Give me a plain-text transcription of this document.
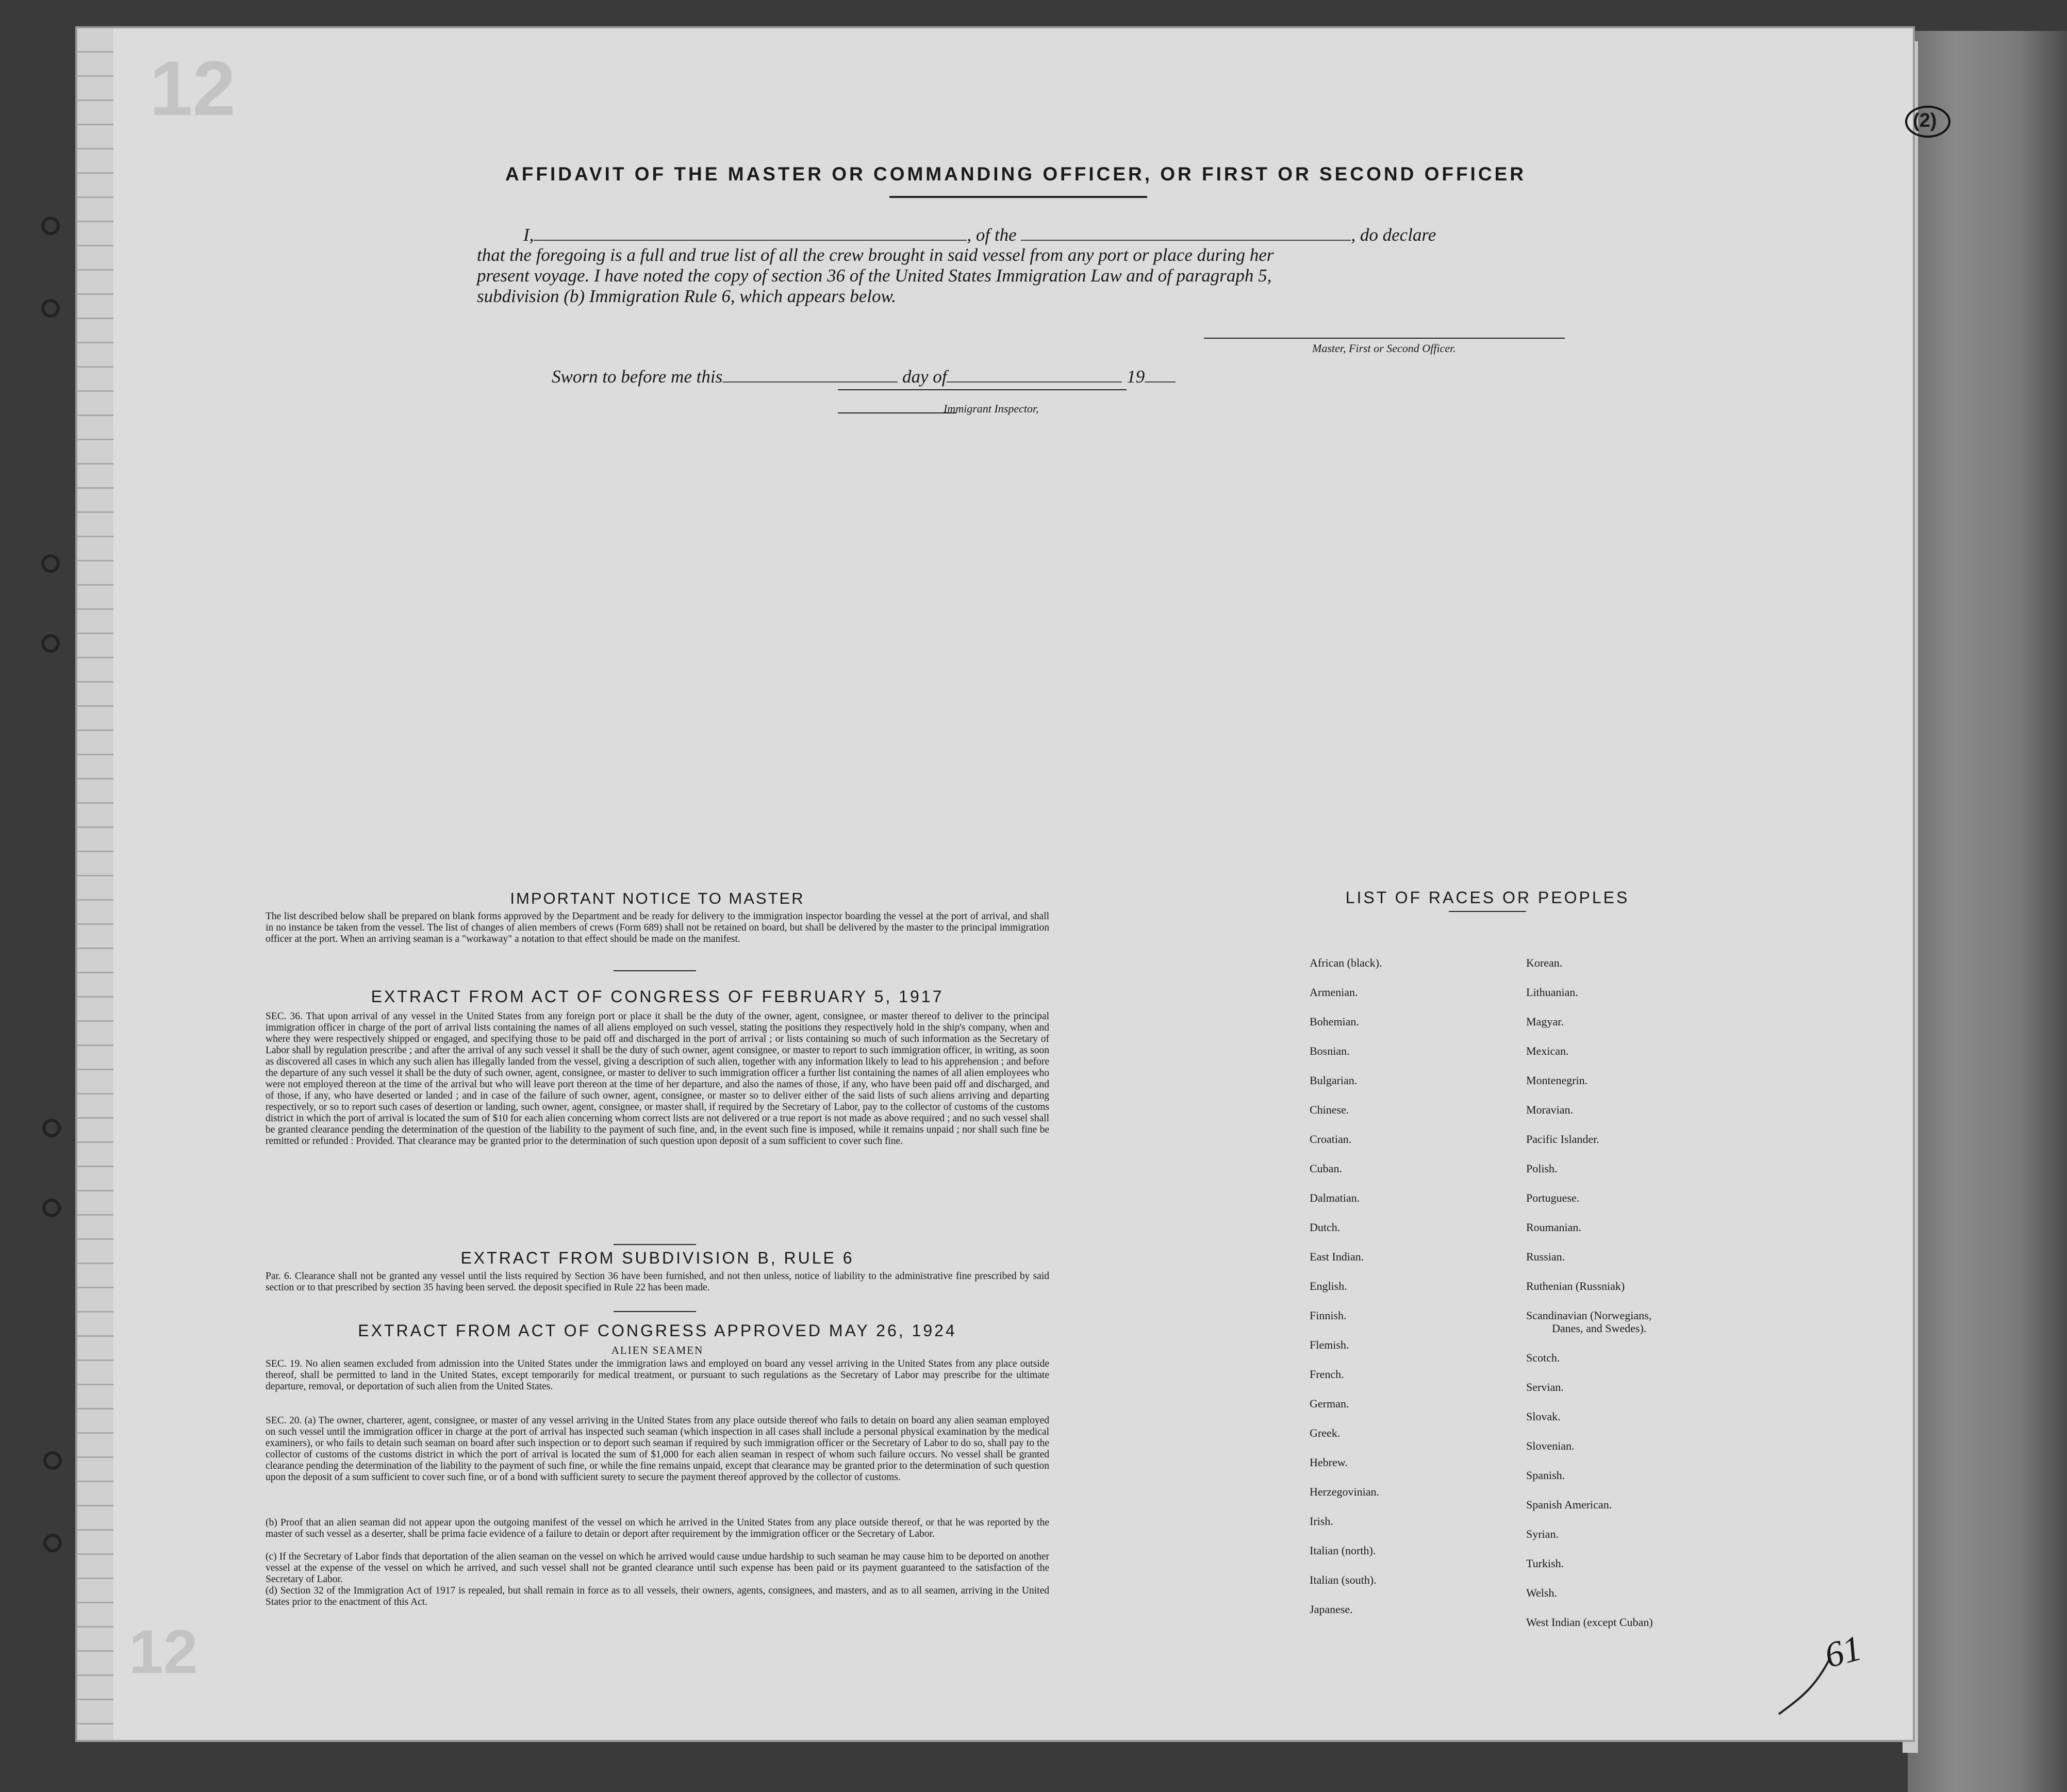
12
12
(2)
AFFIDAVIT OF THE MASTER OR COMMANDING OFFICER, OR FIRST OR SECOND OFFICER
I,	, of the	, do declare
that the foregoing is a full and true list of all the crew brought in said vessel from any port or place during her
present voyage. I have noted the copy of section 36 of the United States Immigration Law and of paragraph 5,
subdivision (b) Immigration Rule 6, which appears below.
Master, First or Second Officer.
Sworn to before me this	day of	19
Immigrant Inspector,
IMPORTANT NOTICE TO MASTER
The list described below shall be prepared on blank forms approved by the Department and be ready for delivery to the immigration inspector boarding the vessel at the port of arrival, and shall in no instance be taken from the vessel. The list of changes of alien members of crews (Form 689) shall not be retained on board, but shall be delivered by the master to the principal immigration officer at the port. When an arriving seaman is a "workaway" a notation to that effect should be made on the manifest.
EXTRACT FROM ACT OF CONGRESS OF FEBRUARY 5, 1917
SEC. 36. That upon arrival of any vessel in the United States from any foreign port or place it shall be the duty of the owner, agent, consignee, or master thereof to deliver to the principal immigration officer in charge of the port of arrival lists containing the names of all aliens employed on such vessel, stating the positions they respectively hold in the ship's company, when and where they were respectively shipped or engaged, and specifying those to be paid off and discharged in the port of arrival ; or lists containing so much of such information as the Secretary of Labor shall by regulation prescribe ; and after the arrival of any such vessel it shall be the duty of such owner, agent consignee, or master to report to such immigration officer, in writing, as soon as discovered all cases in which any such alien has illegally landed from the vessel, giving a description of such alien, together with any information likely to lead to his apprehension ; and before the departure of any such vessel it shall be the duty of such owner, agent, consignee, or master to deliver to such immigration officer a further list containing the names of all alien employees who were not employed thereon at the time of the arrival but who will leave port thereon at the time of her departure, and also the names of those, if any, who have been paid off and discharged, and of those, if any, who have deserted or landed ; and in case of the failure of such owner, agent, consignee, or master so to deliver either of the said lists of such aliens arriving and departing respectively, or so to report such cases of desertion or landing, such owner, agent, consignee, or master shall, if required by the Secretary of Labor, pay to the collector of customs of the customs district in which the port of arrival is located the sum of $10 for each alien concerning whom correct lists are not delivered or a true report is not made as above required ; and no such vessel shall be granted clearance pending the determination of the question of the liability to the payment of such fine, and, in the event such fine is imposed, while it remains unpaid ; nor shall such fine be remitted or refunded : Provided. That clearance may be granted prior to the determination of such question upon deposit of a sum sufficient to cover such fine.
EXTRACT FROM SUBDIVISION B, RULE 6
Par. 6. Clearance shall not be granted any vessel until the lists required by Section 36 have been furnished, and not then unless, notice of liability to the administrative fine prescribed by said section or to that prescribed by section 35 having been served. the deposit specified in Rule 22 has been made.
EXTRACT FROM ACT OF CONGRESS APPROVED MAY 26, 1924
ALIEN SEAMEN
SEC. 19. No alien seamen excluded from admission into the United States under the immigration laws and employed on board any vessel arriving in the United States from any place outside thereof, shall be permitted to land in the United States, except temporarily for medical treatment, or pursuant to such regulations as the Secretary of Labor may prescribe for the ultimate departure, removal, or deportation of such alien from the United States.
SEC. 20. (a) The owner, charterer, agent, consignee, or master of any vessel arriving in the United States from any place outside thereof who fails to detain on board any alien seaman employed on such vessel until the immigration officer in charge at the port of arrival has inspected such seaman (which inspection in all cases shall include a personal physical examination by the medical examiners), or who fails to detain such seaman on board after such inspection or to deport such seaman if required by such immigration officer or the Secretary of Labor to do so, shall pay to the collector of customs of the customs district in which the port of arrival is located the sum of $1,000 for each alien seaman in respect of whom such failure occurs. No vessel shall be granted clearance pending the determination of the liability to the payment of such fine, or while the fine remains unpaid, except that clearance may be granted prior to the determination of such question upon the deposit of a sum sufficient to cover such fine, or of a bond with sufficient surety to secure the payment thereof approved by the collector of customs.
(b) Proof that an alien seaman did not appear upon the outgoing manifest of the vessel on which he arrived in the United States from any place outside thereof, or that he was reported by the master of such vessel as a deserter, shall be prima facie evidence of a failure to detain or deport after requirement by the immigration officer or the Secretary of Labor.
(c) If the Secretary of Labor finds that deportation of the alien seaman on the vessel on which he arrived would cause undue hardship to such seaman he may cause him to be deported on another vessel at the expense of the vessel on which he arrived, and such vessel shall not be granted clearance until such expense has been paid or its payment guaranteed to the satisfaction of the Secretary of Labor.
(d) Section 32 of the Immigration Act of 1917 is repealed, but shall remain in force as to all vessels, their owners, agents, consignees, and masters, and as to all seamen, arriving in the United States prior to the enactment of this Act.
LIST OF RACES OR PEOPLES
African (black).
Armenian.
Bohemian.
Bosnian.
Bulgarian.
Chinese.
Croatian.
Cuban.
Dalmatian.
Dutch.
East Indian.
English.
Finnish.
Flemish.
French.
German.
Greek.
Hebrew.
Herzegovinian.
Irish.
Italian (north).
Italian (south).
Japanese.
Korean.
Lithuanian.
Magyar.
Mexican.
Montenegrin.
Moravian.
Pacific Islander.
Polish.
Portuguese.
Roumanian.
Russian.
Ruthenian (Russniak)
Scandinavian (Norwegians,
Danes, and Swedes).
Scotch.
Servian.
Slovak.
Slovenian.
Spanish.
Spanish American.
Syrian.
Turkish.
Welsh.
West Indian (except Cuban)
61
